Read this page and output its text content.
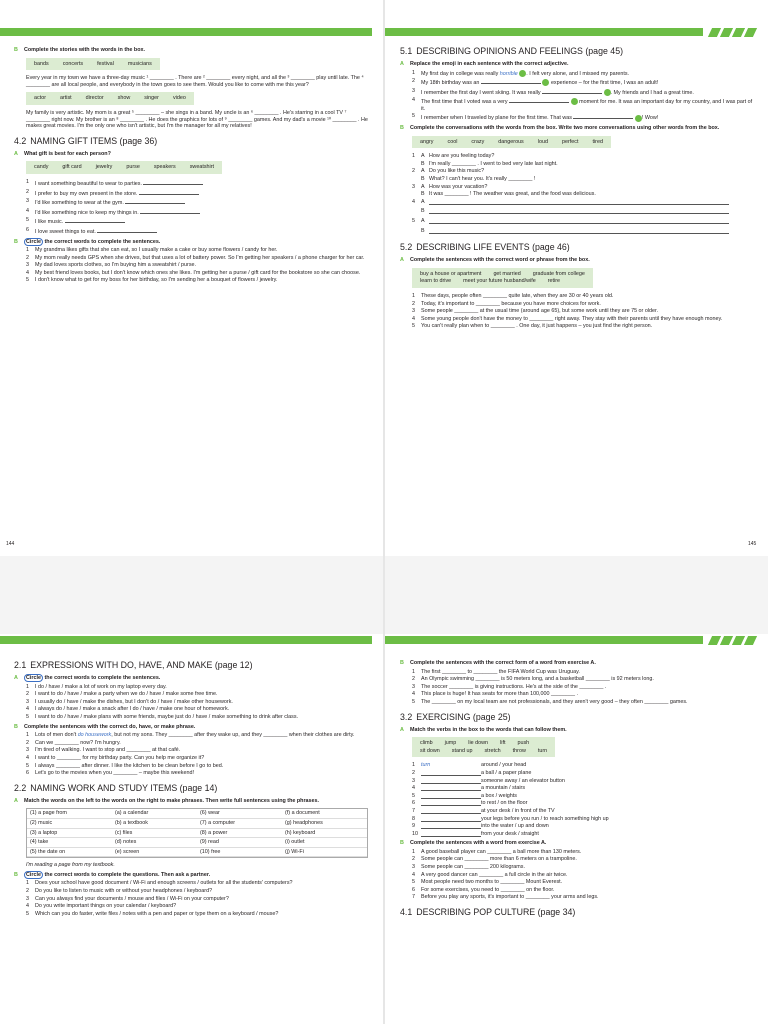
144	145
B	Complete the stories with the words in the box.
bands	concerts	festival	musicians
Every year in my town we have a three-day music ¹ ________ . There are ² ________ every night, and all the ³ ________ play until late. The ⁴ ________ are all local people, and everybody in the town goes to see them. Would you like to come with me this year?
actor	artist	director	show	singer	video
My family is very artistic. My mom is a great ⁵ ________ – she sings in a band. My uncle is an ⁶ ________ . He's starring in a cool TV ⁷ ________ right now. My brother is an ⁸ ________ . He does the graphics for lots of ⁹ ________ games. And my dad's a movie ¹⁰ ________ . He makes great movies. I'm the only one who isn't artistic, but I'm the manager for all my relatives!
4.2 NAMING GIFT ITEMS (page 36)
A	What gift is best for each person?
candy	gift card	jewelry	purse	speakers	sweatshirt
1	I want something beautiful to wear to parties.
2	I prefer to buy my own present in the store.
3	I'd like something to wear at the gym.
4	I'd like something nice to keep my things in.
5	I like music.
6	I love sweet things to eat.
B	Circle the correct words to complete the sentences.
1	My grandma likes gifts that she can eat, so I usually make a cake or buy some flowers / candy for her.
2	My mom really needs GPS when she drives, but that uses a lot of battery power. So I'm getting her speakers / a phone charger for her car.
3	My dad loves sports clothes, so I'm buying him a sweatshirt / purse.
4	My best friend loves books, but I don't know which ones she likes. I'm getting her a purse / gift card for the bookstore so she can choose.
5	I don't know what to get for my boss for her birthday, so I'm sending her a bouquet of flowers / jewelry.
5.1 DESCRIBING OPINIONS AND FEELINGS (page 45)
A	Replace the emoji in each sentence with the correct adjective.
1	My first day in college was really horrible . I felt very alone, and I missed my parents.
2	My 18th birthday was an	experience – for the first time, I was an adult!
3	I remember the first day I went skiing. It was really	. My friends and I had a great time.
4	The first time that I voted was a very	moment for me. It was an important day for my country, and I was part of it.
5	I remember when I traveled by plane for the first time. That was	! Wow!
B	Complete the conversations with the words from the box. Write two more conversations using other words from the box.
angry	cool	crazy	dangerous	loud	perfect	tired
1	A How are you feeling today?
B I'm really ________ . I went to bed very late last night.
2	A Do you like this music?
B What? I can't hear you. It's really ________ !
3	A How was your vacation?
B It was ________ ! The weather was great, and the food was delicious.
4	A
B
5	A
B
5.2 DESCRIBING LIFE EVENTS (page 46)
A	Complete the sentences with the correct word or phrase from the box.
buy a house or apartment get married graduate from college
learn to drive meet your future husband/wife retire
1	These days, people often ________ quite late, when they are 30 or 40 years old.
2	Today, it's important to ________ because you have more choices for work.
3	Some people ________ at the usual time (around age 65), but some work until they are 75 or older.
4	Some young people don't have the money to ________ right away. They stay with their parents until they have enough money.
5	You can't really plan when to ________ . One day, it just happens – you just find the right person.
2.1 EXPRESSIONS WITH DO, HAVE, AND MAKE (page 12)
A	Circle the correct words to complete the sentences.
1	I do / have / make a lot of work on my laptop every day.
2	I want to do / have / make a party when we do / have / make some free time.
3	I usually do / have / make the dishes, but I don't do / have / make other housework.
4	I always do / have / make a snack after I do / have / make one hour of homework.
5	I want to do / have / make plans with some friends, maybe just do / have / make something to drink after class.
B	Complete the sentences with the correct do, have, or make phrase.
1	Lots of men don't do housework, but not my sons. They ________ after they wake up, and they ________ when their clothes are dirty.
2	Can we ________ now? I'm hungry.
3	I'm tired of walking. I want to stop and ________ at that café.
4	I want to ________ for my birthday party. Can you help me organize it?
5	I always ________ after dinner. I like the kitchen to be clean before I go to bed.
6	Let's go to the movies when you ________ – maybe this weekend!
2.2 NAMING WORK AND STUDY ITEMS (page 14)
A	Match the words on the left to the words on the right to make phrases. Then write full sentences using the phrases.
(1) a page from	(a) a calendar	(6) wear	(f) a document
(2) music	(b) a textbook	(7) a computer	(g) headphones
(3) a laptop	(c) files	(8) a power	(h) keyboard
(4) take	(d) notes	(9) read	(i) outlet
(5) the date on	(e) screen	(10) free	(j) Wi-Fi
I'm reading a page from my textbook.
B	Circle the correct words to complete the questions. Then ask a partner.
1	Does your school have good document / Wi-Fi and enough screens / outlets for all the students' computers?
2	Do you like to listen to music with or without your headphones / keyboard?
3	Can you always find your documents / mouse and files / Wi-Fi on your computer?
4	Do you write important things on your calendar / keyboard?
5	Which can you do faster, write files / notes with a pen and paper or type them on a keyboard / mouse?
B	Complete the sentences with the correct form of a word from exercise A.
1	The first ________ to ________ the FIFA World Cup was Uruguay.
2	An Olympic swimming ________ is 50 meters long, and a basketball ________ is 92 meters long.
3	The soccer ________ is giving instructions. He's at the side of the ________ .
4	This place is huge! It has seats for more than 100,000 ________ .
5	The ________ on my local team are not professionals, and they aren't very good – they often ________ games.
3.2 EXERCISING (page 25)
A	Match the verbs in the box to the words that can follow them.
climb jump lie down lift push
sit down stand up stretch throw turn
1	turn	around / your head
2	a ball / a paper plane
3	someone away / an elevator button
4	a mountain / stairs
5	a box / weights
6	to rest / on the floor
7	at your desk / in front of the TV
8	your legs before you run / to reach something high up
9	into the water / up and down
10	from your desk / straight
B	Complete the sentences with a word from exercise A.
1	A good baseball player can ________ a ball more than 130 meters.
2	Some people can ________ more than 6 meters on a trampoline.
3	Some people can ________ 200 kilograms.
4	A very good dancer can ________ a full circle in the air twice.
5	Most people need two months to ________ Mount Everest.
6	For some exercises, you need to ________ on the floor.
7	Before you play any sports, it's important to ________ your arms and legs.
4.1 DESCRIBING POP CULTURE (page 34)
